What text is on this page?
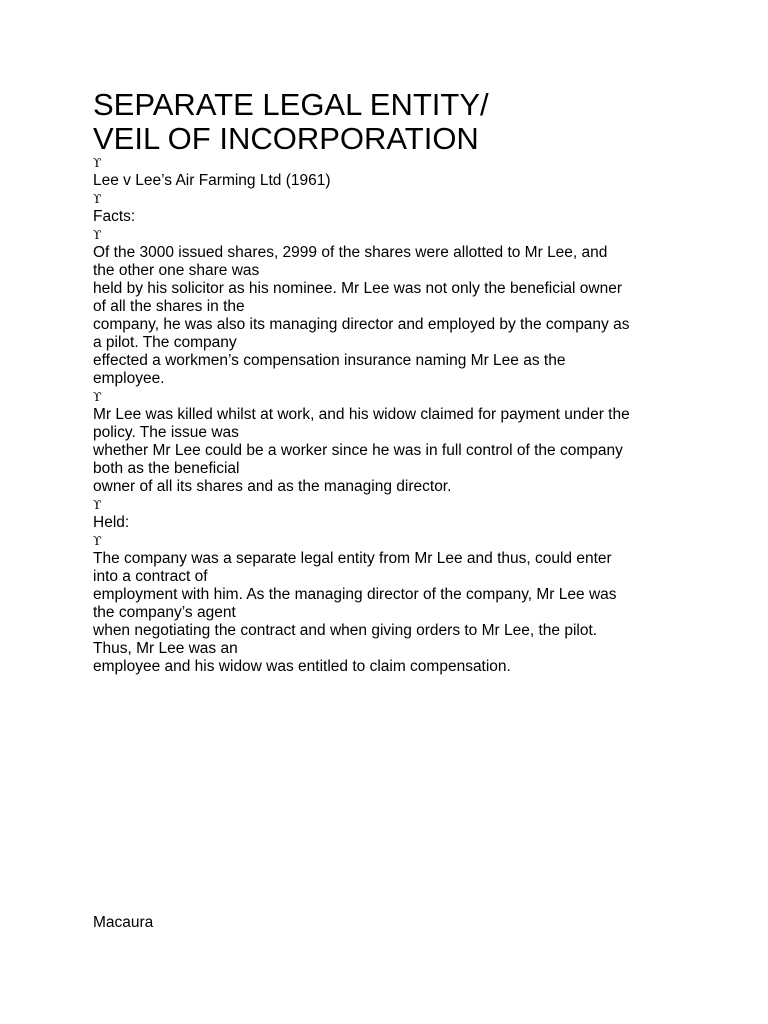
SEPARATE LEGAL ENTITY/
VEIL OF INCORPORATION
ϒ
Lee v Lee’s Air Farming Ltd (1961)
ϒ
Facts:
ϒ
Of the 3000 issued shares, 2999 of the shares were allotted to Mr Lee, and
the other one share was
held by his solicitor as his nominee. Mr Lee was not only the beneficial owner
of all the shares in the
company, he was also its managing director and employed by the company as
a pilot. The company
effected a workmen’s compensation insurance naming Mr Lee as the
employee.
ϒ
Mr Lee was killed whilst at work, and his widow claimed for payment under the
policy. The issue was
whether Mr Lee could be a worker since he was in full control of the company
both as the beneficial
owner of all its shares and as the managing director.
ϒ
Held:
ϒ
The company was a separate legal entity from Mr Lee and thus, could enter
into a contract of
employment with him. As the managing director of the company, Mr Lee was
the company’s agent
when negotiating the contract and when giving orders to Mr Lee, the pilot.
Thus, Mr Lee was an
employee and his widow was entitled to claim compensation.
Macaura
